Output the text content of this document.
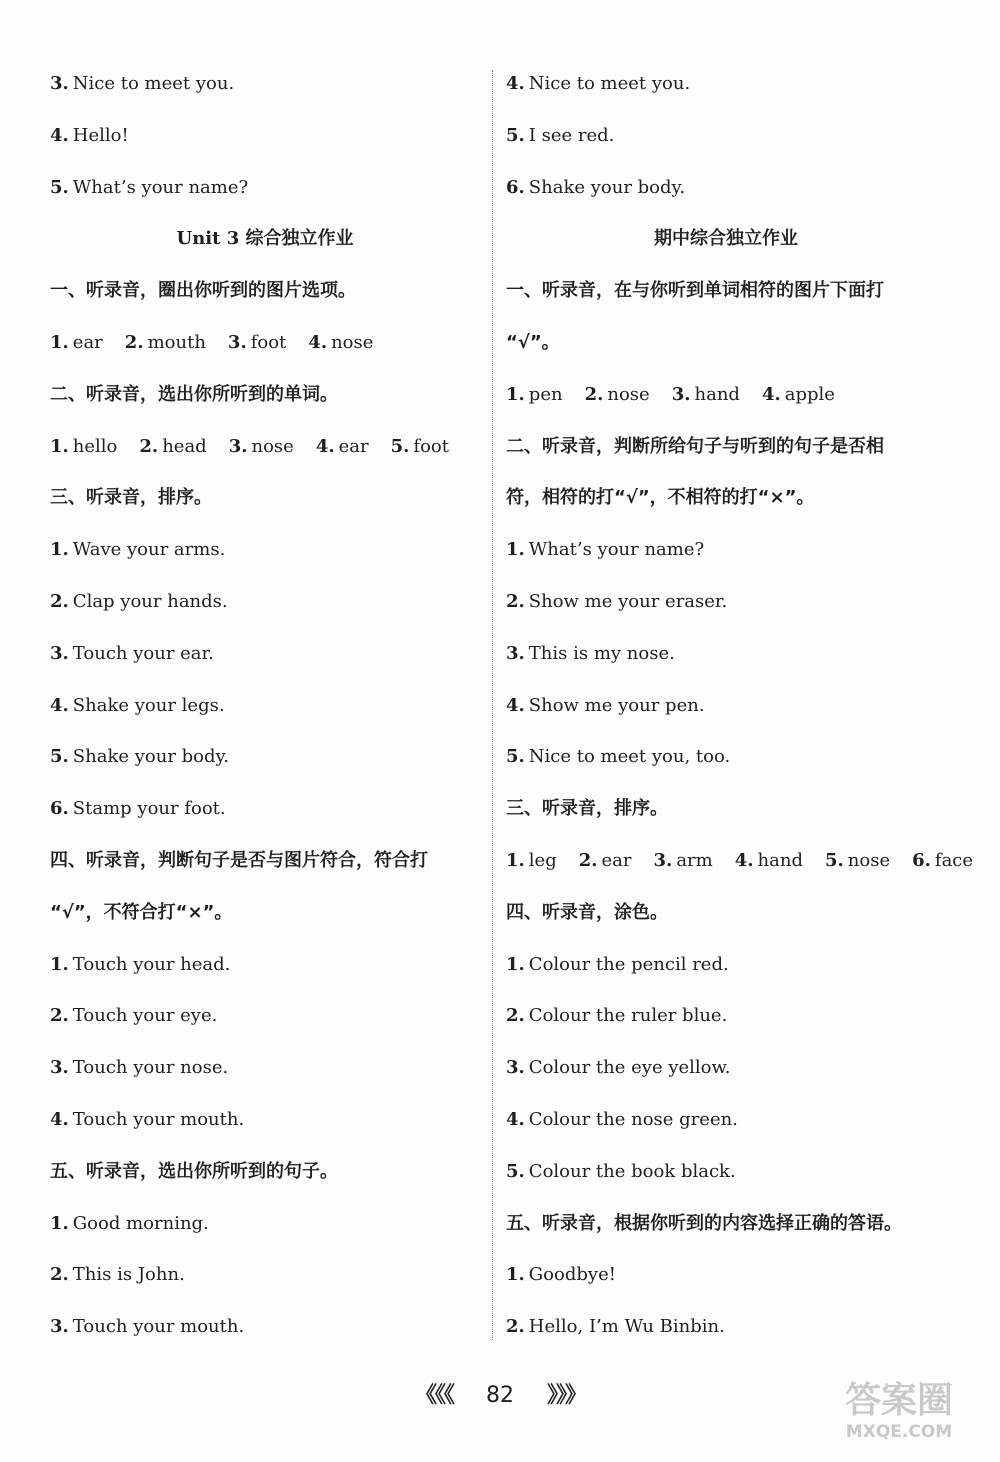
3. Nice to meet you.
4. Hello!
5. What’s your name?
Unit 3 综合独立作业
一、听录音，圈出你听到的图片选项。
1. ear 2. mouth 3. foot 4. nose
二、听录音，选出你所听到的单词。
1. hello 2. head 3. nose 4. ear 5. foot
三、听录音，排序。
1. Wave your arms.
2. Clap your hands.
3. Touch your ear.
4. Shake your legs.
5. Shake your body.
6. Stamp your foot.
四、听录音，判断句子是否与图片符合，符合打
“√”，不符合打“×”。
1. Touch your head.
2. Touch your eye.
3. Touch your nose.
4. Touch your mouth.
五、听录音，选出你所听到的句子。
1. Good morning.
2. This is John.
3. Touch your mouth.
4. Nice to meet you.
5. I see red.
6. Shake your body.
期中综合独立作业
一、听录音，在与你听到单词相符的图片下面打
“√”。
1. pen 2. nose 3. hand 4. apple
二、听录音，判断所给句子与听到的句子是否相
符，相符的打“√”，不相符的打“×”。
1. What’s your name?
2. Show me your eraser.
3. This is my nose.
4. Show me your pen.
5. Nice to meet you, too.
三、听录音，排序。
1. leg 2. ear 3. arm 4. hand 5. nose 6. face
四、听录音，涂色。
1. Colour the pencil red.
2. Colour the ruler blue.
3. Colour the eye yellow.
4. Colour the nose green.
5. Colour the book black.
五、听录音，根据你听到的内容选择正确的答语。
1. Goodbye!
2. Hello, I’m Wu Binbin.
《《《 82 》》》	答案圈
MXQE.COM
